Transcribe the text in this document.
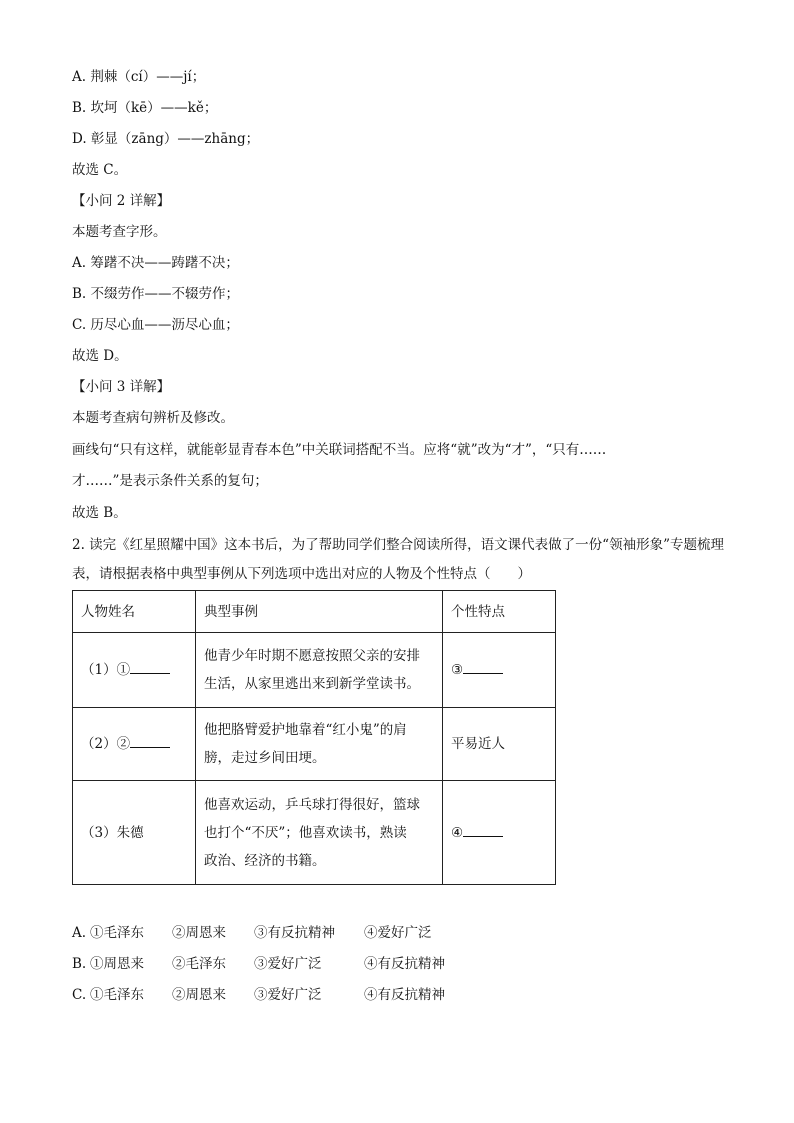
A. 荆棘（cí）——jí；
B. 坎坷（kē）——kě；
D. 彰显（zāng）——zhāng；
故选 C。
【小问 2 详解】
本题考查字形。
A. 筹躇不决——踌躇不决；
B. 不缀劳作——不辍劳作；
C. 历尽心血——沥尽心血；
故选 D。
【小问 3 详解】
本题考查病句辨析及修改。
画线句“只有这样，就能彰显青春本色”中关联词搭配不当。应将“就”改为“才”，“只有……
才……”是表示条件关系的复句；
故选 B。
2. 读完《红星照耀中国》这本书后，为了帮助同学们整合阅读所得，语文课代表做了一份“领袖形象”专题梳理表，请根据表格中典型事例从下列选项中选出对应的人物及个性特点（　　）
人物姓名	典型事例	个性特点
（1）①	他青少年时期不愿意按照父亲的安排
生活，从家里逃出来到新学堂读书。	③
（2）②	他把胳臂爱护地靠着“红小鬼”的肩
膀，走过乡间田埂。	平易近人
（3）朱德	他喜欢运动，乒乓球打得很好，篮球
也打个“不厌”；他喜欢读书，熟读
政治、经济的书籍。	④
A. ①毛泽东 ②周恩来 ③有反抗精神 ④爱好广泛
B. ①周恩来 ②毛泽东 ③爱好广泛	④有反抗精神
C. ①毛泽东 ②周恩来 ③爱好广泛	④有反抗精神
